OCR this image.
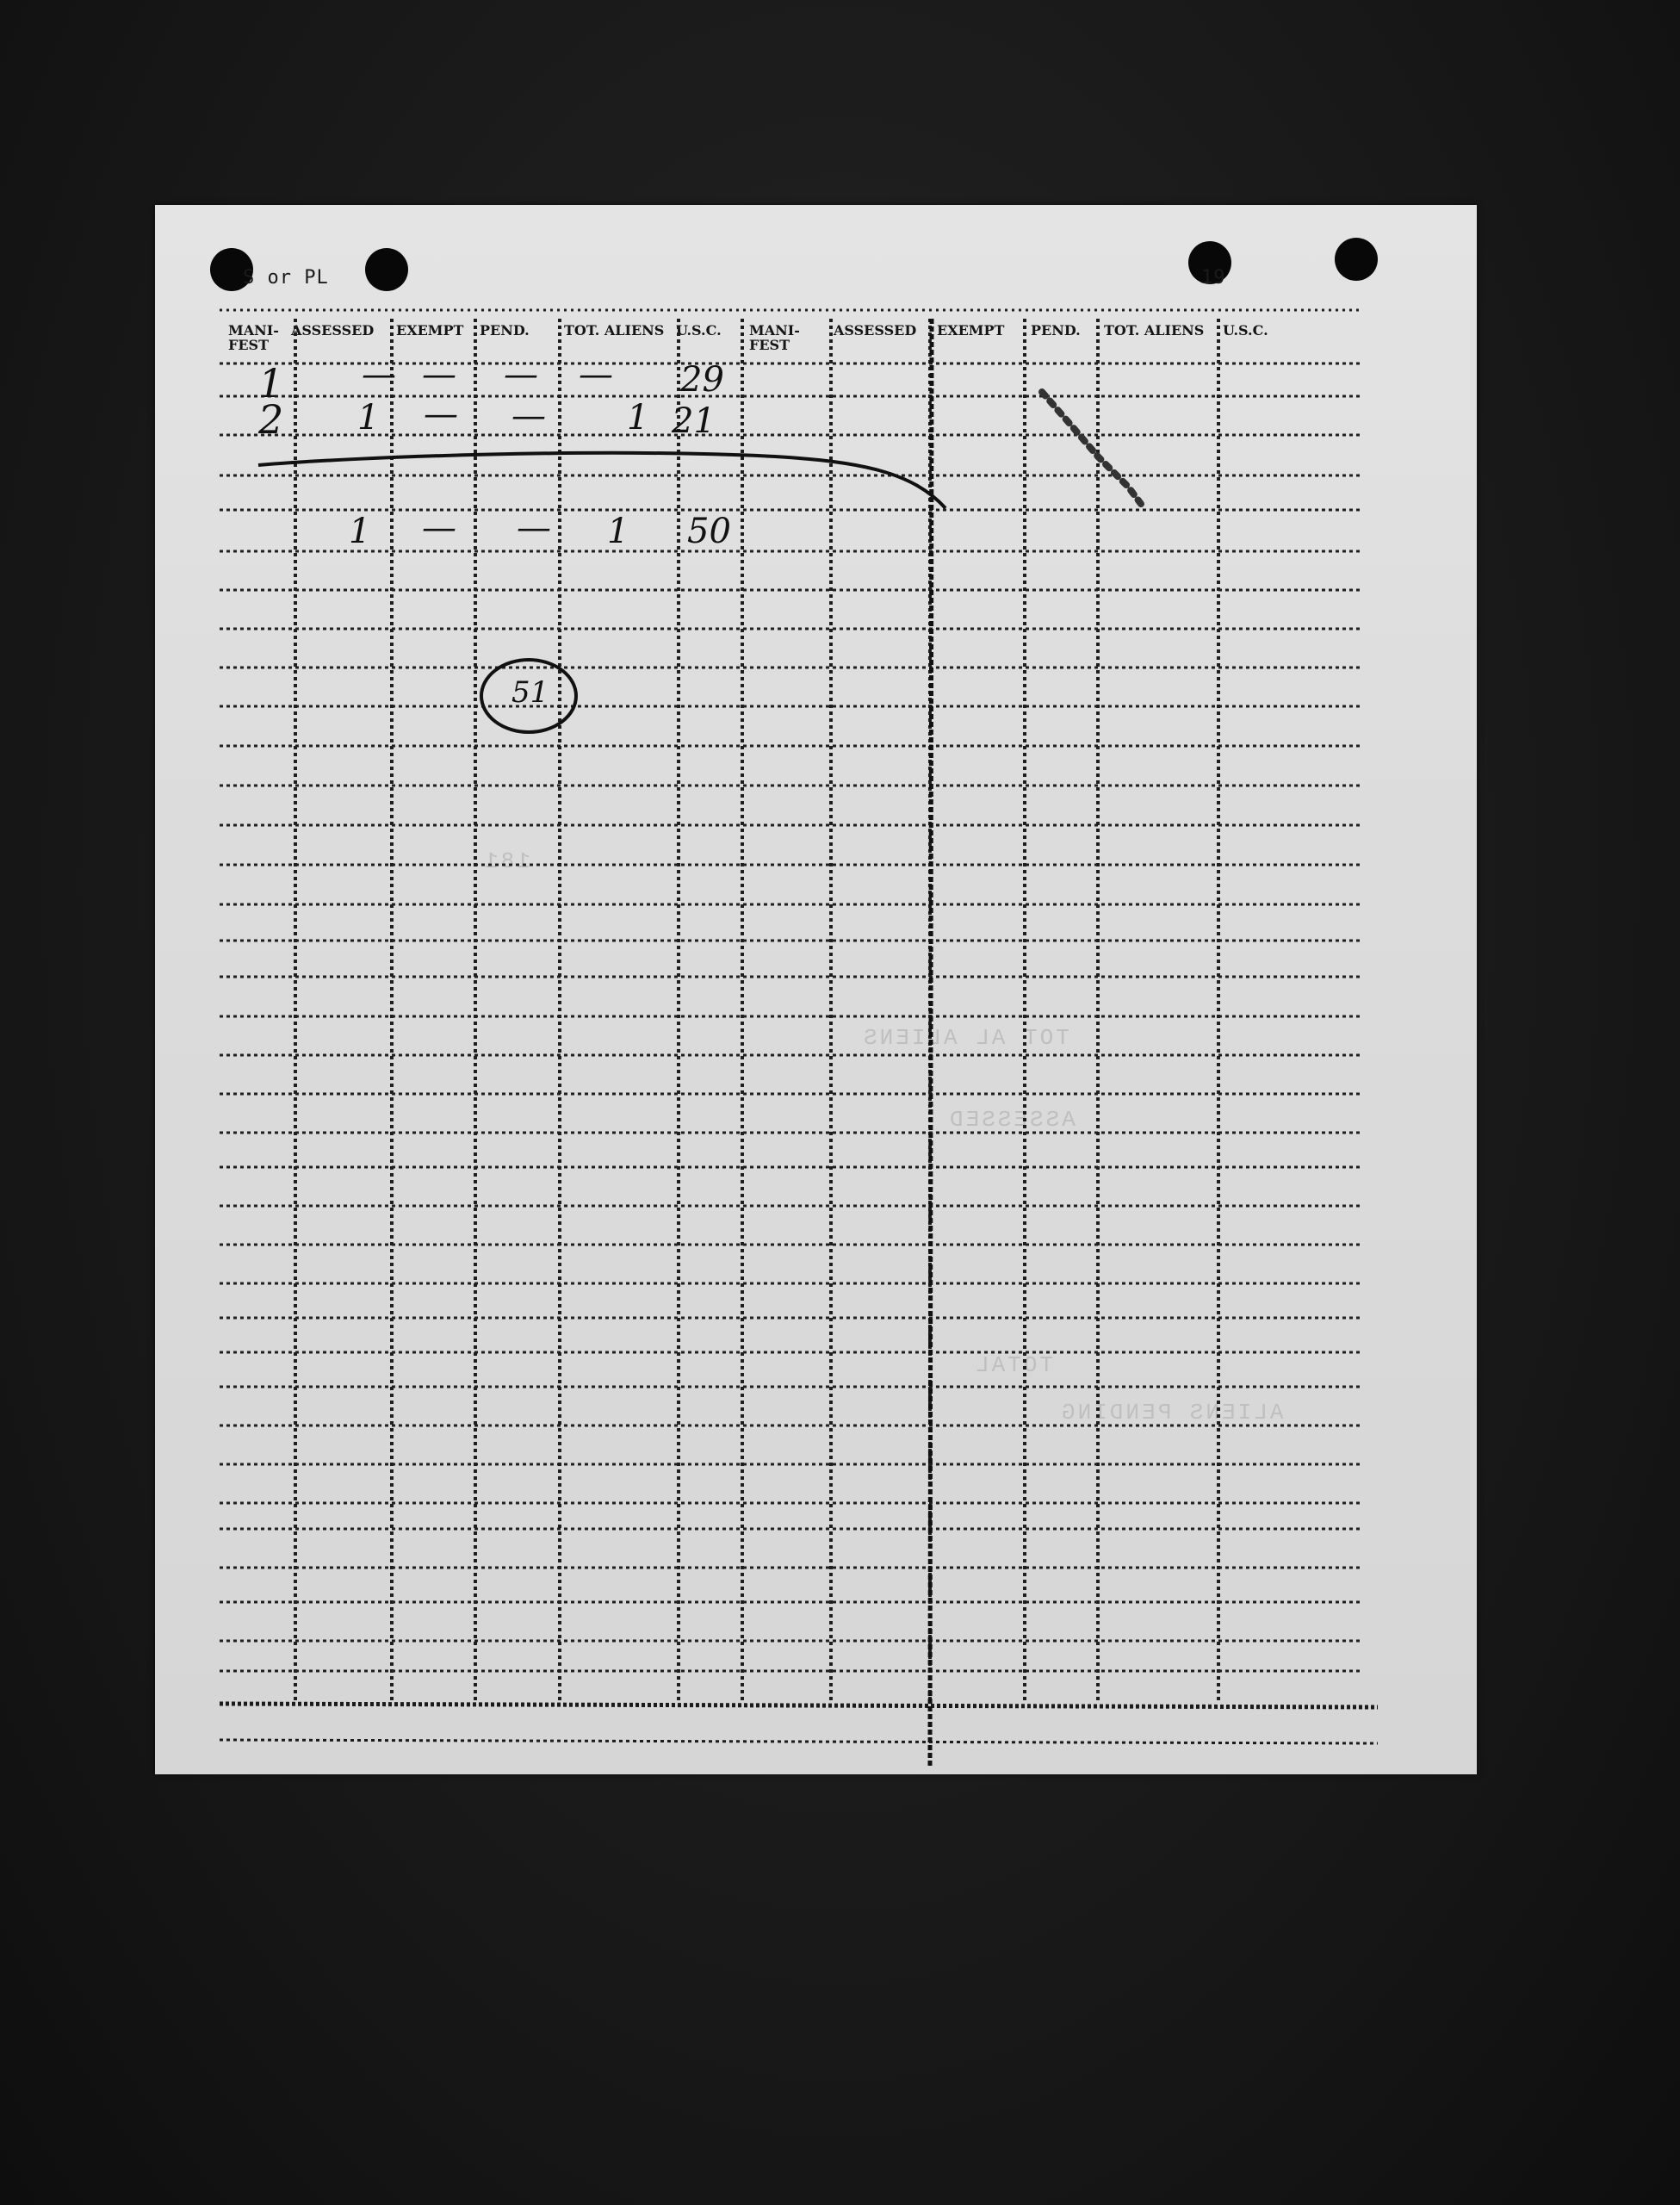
S or PL	19
MANI-
FEST
ASSESSED EXEMPT PEND.	TOT. ALIENS U.S.C. MANI-
FEST
ASSESSED EXEMPT PEND. TOT. ALIENS U.S.C.
181
TOT AL ALIENS
ASSESSED
TOTAL
ALIENS PENDING
1 — — — — 29
2 1 — — 1 21
1 — — 1 50
51
